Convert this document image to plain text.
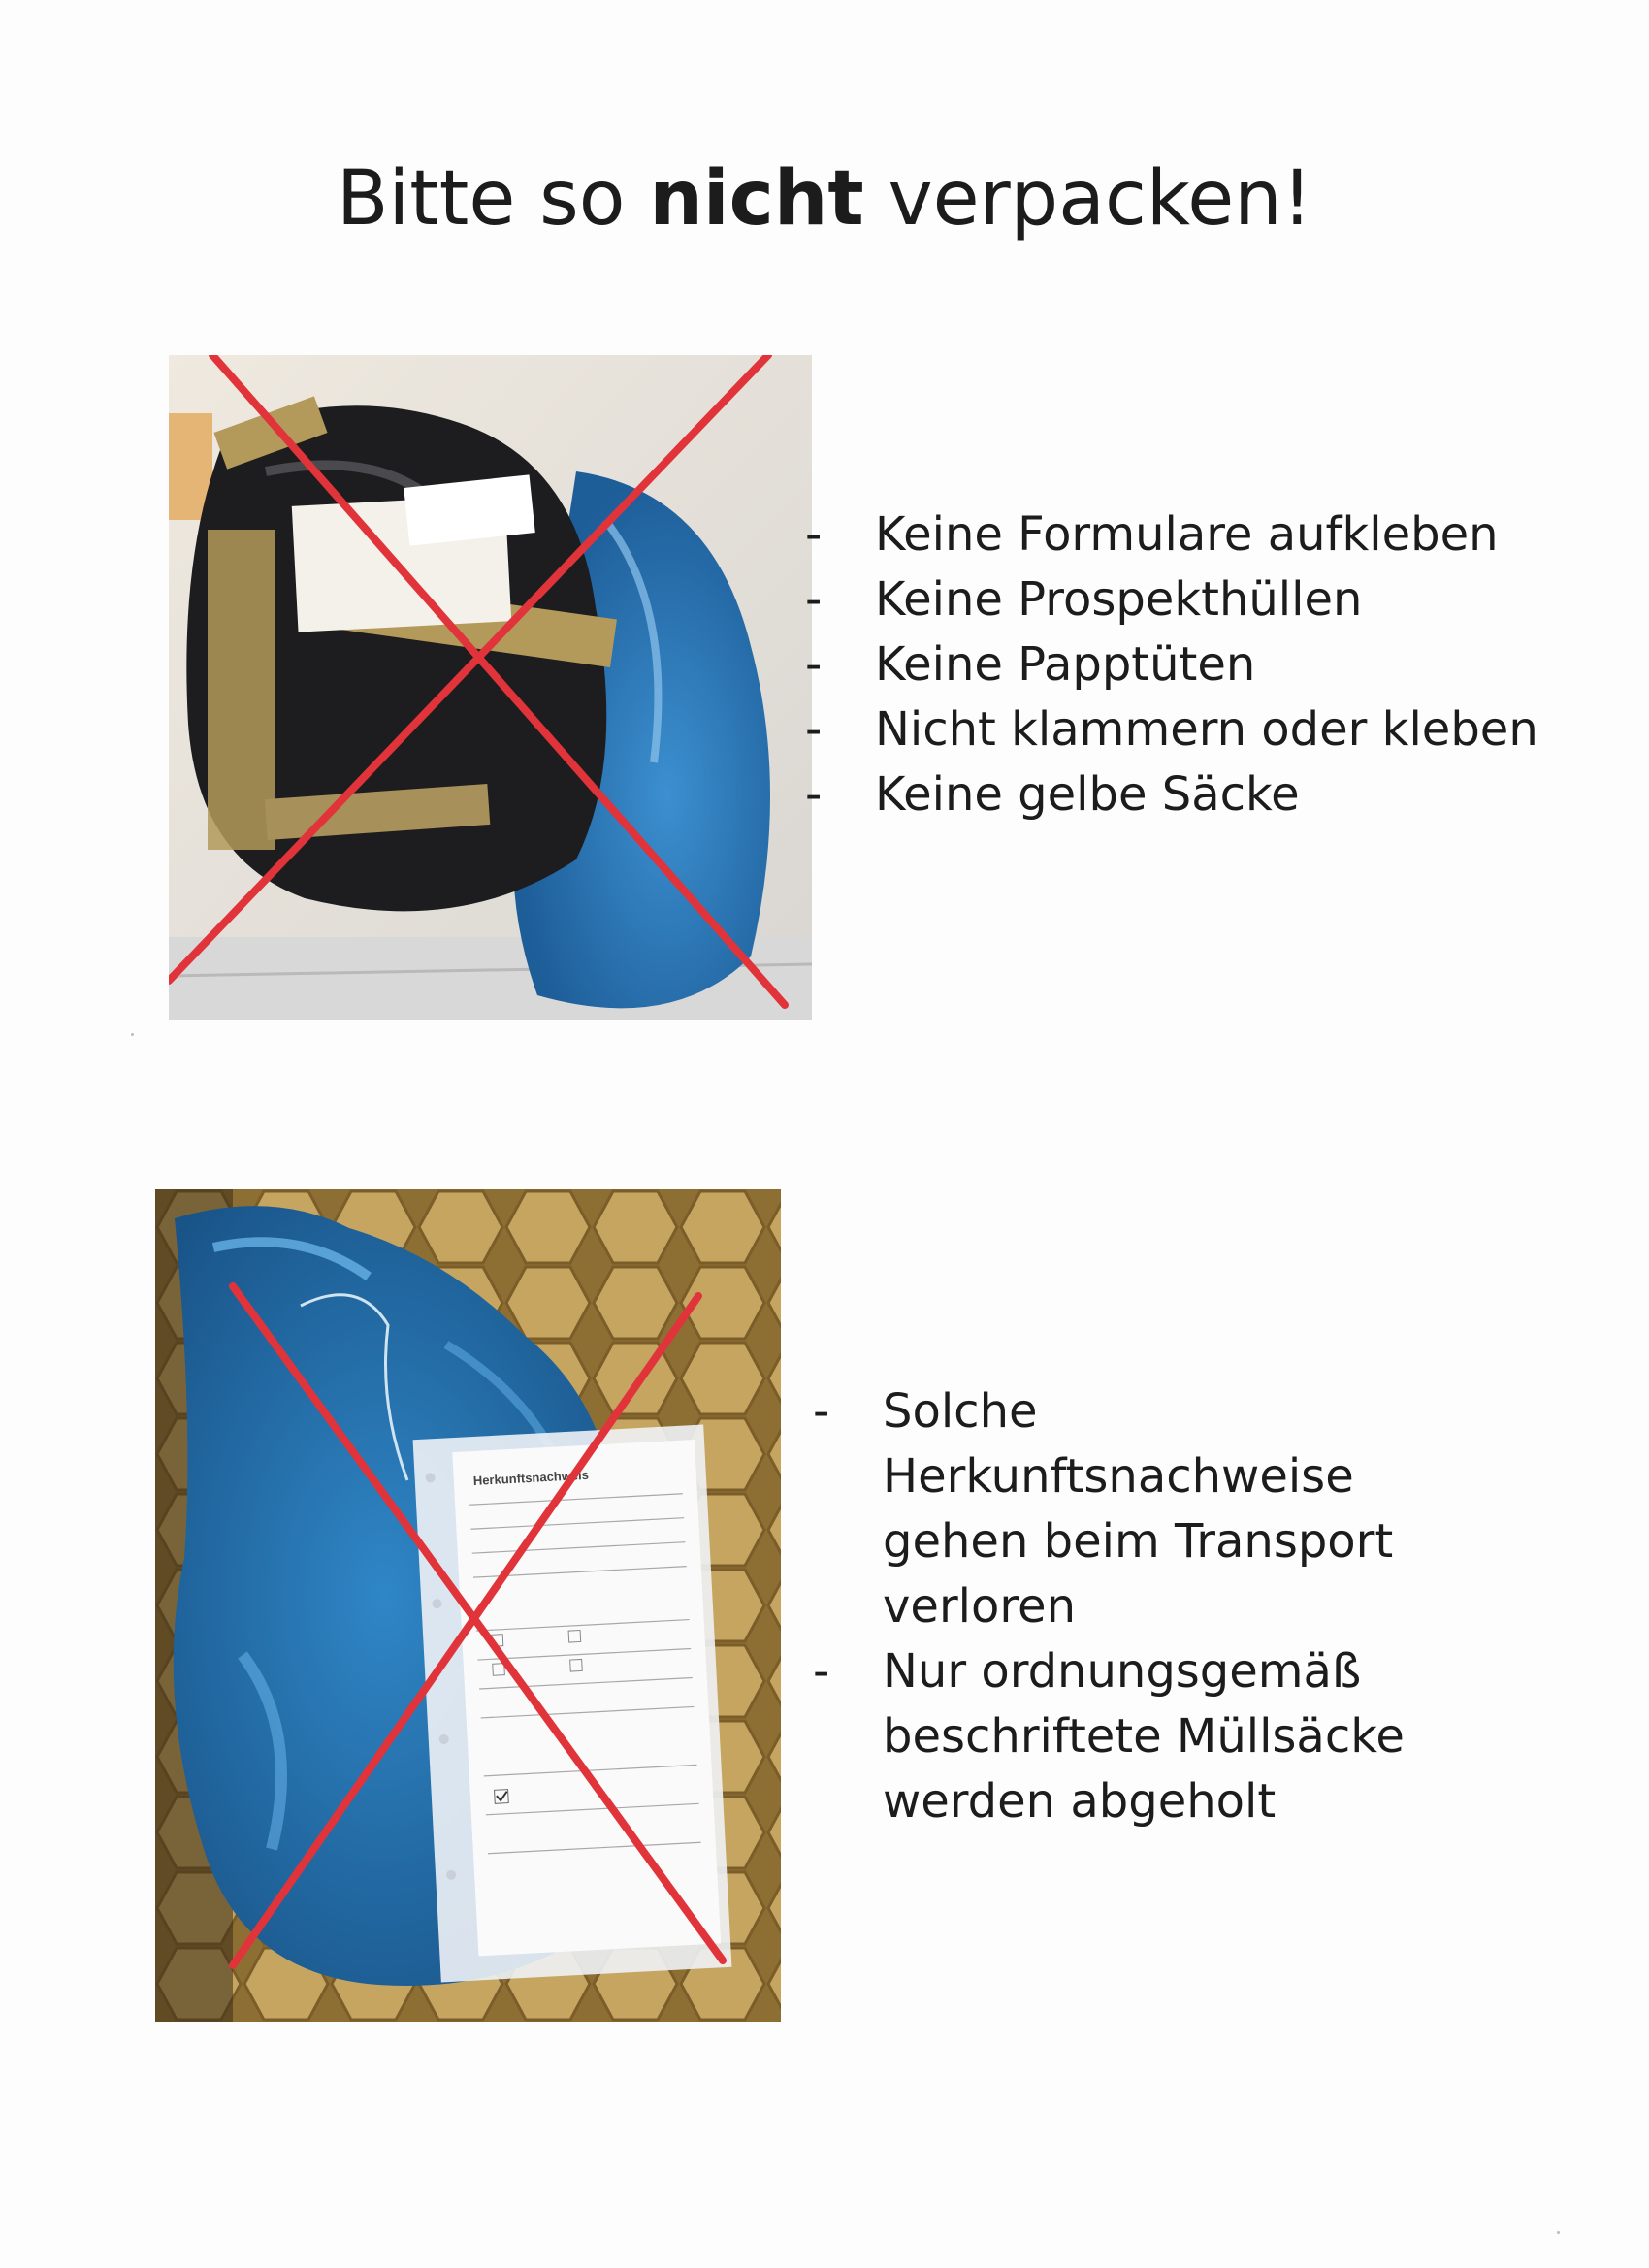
Bitte so nicht verpacken!
- Keine Formulare aufkleben
- Keine Prospekthüllen
- Keine Papptüten
- Nicht klammern oder kleben
- Keine gelbe Säcke
Herkunftsnachweis
- Solche Herkunftsnachweise gehen beim Transport verloren
- Nur ordnungsgemäß beschriftete Müllsäcke werden abgeholt
